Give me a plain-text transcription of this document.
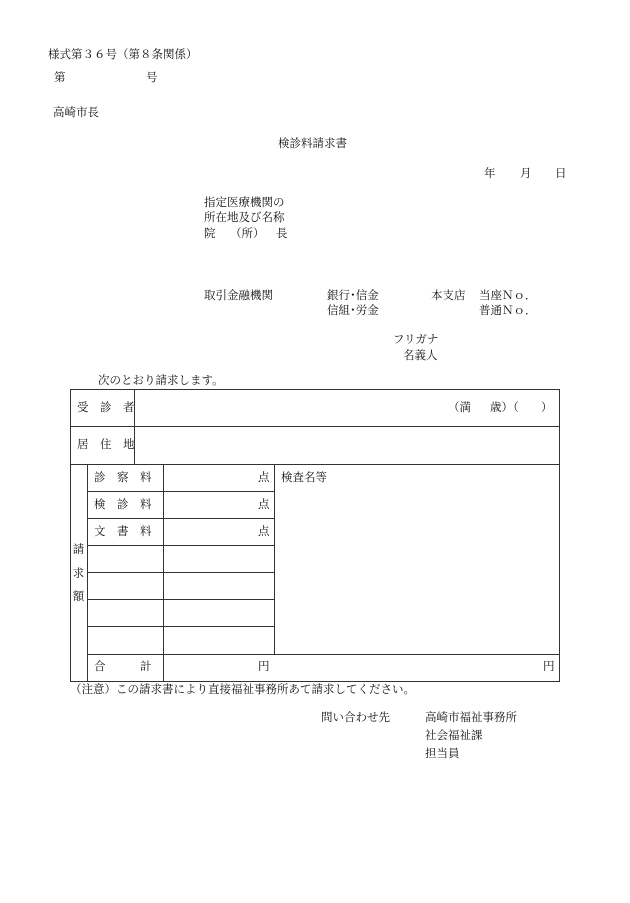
様式第３６号（第８条関係）
第	号
高崎市長
検診料請求書
年 月 日
指定医療機関の
所在地及び名称
院 （所） 長
取引金融機関	銀行･信金
信組･労金
本支店 当座Ｎｏ．
普通Ｎｏ．
フリガナ
名義人
次のとおり請求します。
受　診　者	（満 歳）（ ）
居　住　地
請
求
額
診　察　料	点
検　診　料	点
文　書　料	点
検査名等
合　　　計	円	円
（注意）この請求書により直接福祉事務所あて請求してください。
問い合わせ先	高崎市福祉事務所
社会福祉課
担当員
